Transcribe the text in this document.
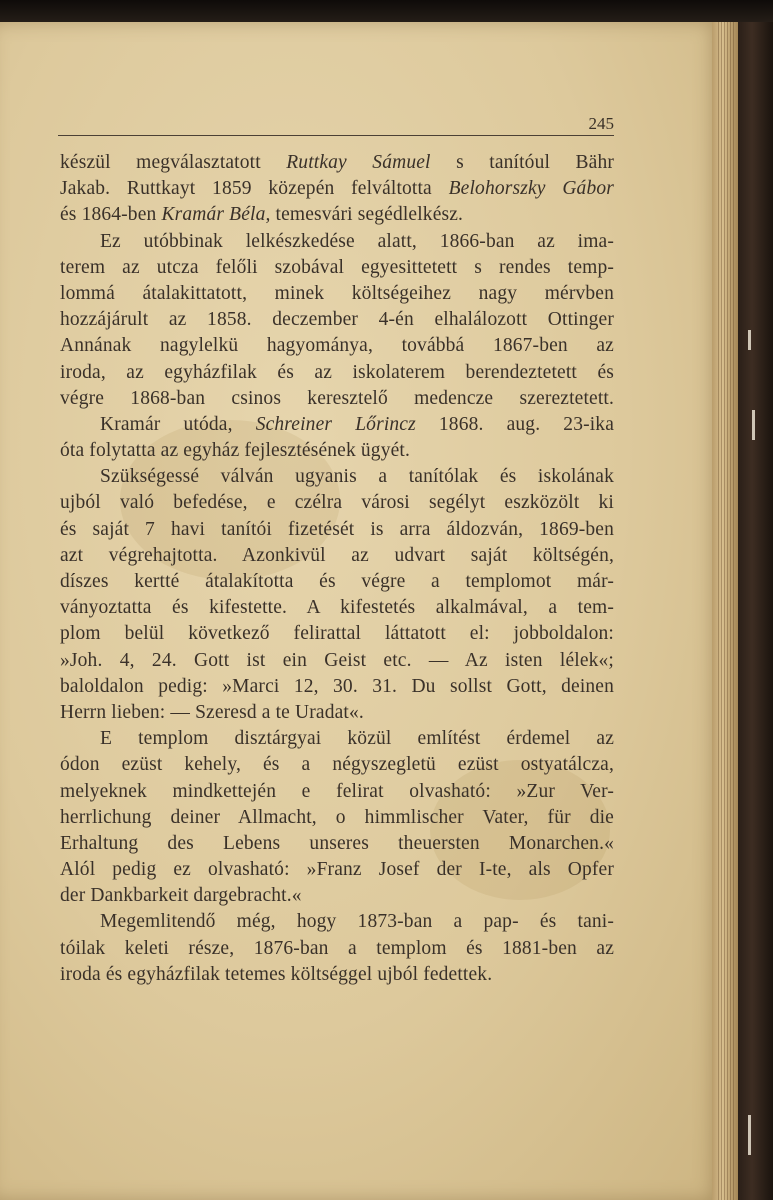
245
készül megválasztatott Ruttkay Sámuel s tanítóul Bähr
Jakab. Ruttkayt 1859 közepén felváltotta Belohorszky Gábor
és 1864-ben Kramár Béla, temesvári segédlelkész.
Ez utóbbinak lelkészkedése alatt, 1866-ban az ima-
terem az utcza felőli szobával egyesittetett s rendes temp-
lommá átalakittatott, minek költségeihez nagy mérvben
hozzájárult az 1858. deczember 4-én elhalálozott Ottinger
Annának nagylelkü hagyománya, továbbá 1867-ben az
iroda, az egyházfilak és az iskolaterem berendeztetett és
végre 1868-ban csinos keresztelő medencze szereztetett.
Kramár utóda, Schreiner Lőrincz 1868. aug. 23-ika
óta folytatta az egyház fejlesztésének ügyét.
Szükségessé válván ugyanis a tanítólak és iskolának
ujból való befedése, e czélra városi segélyt eszközölt ki
és saját 7 havi tanítói fizetését is arra áldozván, 1869-ben
azt végrehajtotta. Azonkivül az udvart saját költségén,
díszes kertté átalakította és végre a templomot már-
ványoztatta és kifestette. A kifestetés alkalmával, a tem-
plom belül következő felirattal láttatott el: jobboldalon:
»Joh. 4, 24. Gott ist ein Geist etc. — Az isten lélek«;
baloldalon pedig: »Marci 12, 30. 31. Du sollst Gott, deinen
Herrn lieben: — Szeresd a te Uradat«.
E templom disztárgyai közül említést érdemel az
ódon ezüst kehely, és a négyszegletü ezüst ostyatálcza,
melyeknek mindkettején e felirat olvasható: »Zur Ver-
herrlichung deiner Allmacht, o himmlischer Vater, für die
Erhaltung des Lebens unseres theuersten Monarchen.«
Alól pedig ez olvasható: »Franz Josef der I-te, als Opfer
der Dankbarkeit dargebracht.«
Megemlitendő még, hogy 1873-ban a pap- és tani-
tóilak keleti része, 1876-ban a templom és 1881-ben az
iroda és egyházfilak tetemes költséggel ujból fedettek.
